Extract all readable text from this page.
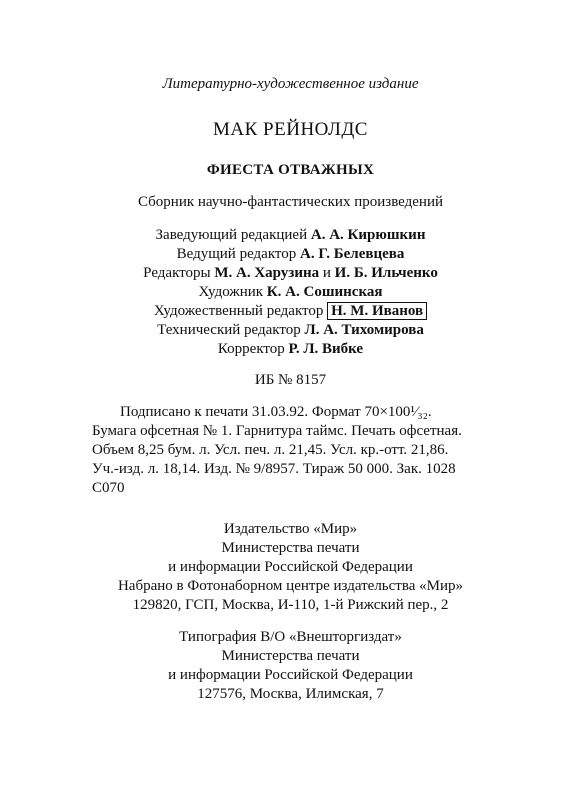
Литературно-художественное издание
МАК РЕЙНОЛДС
ФИЕСТА ОТВАЖНЫХ
Сборник научно-фантастических произведений
Заведующий редакцией А. А. Кирюшкин
Ведущий редактор А. Г. Белевцева
Редакторы М. А. Харузина и И. Б. Ильченко
Художник К. А. Сошинская
Художественный редактор Н. М. Иванов
Технический редактор Л. А. Тихомирова
Корректор Р. Л. Вибке
ИБ № 8157
Подписано к печати 31.03.92. Формат 70×100¹⁄₃₂.
Бумага офсетная № 1. Гарнитура таймс. Печать офсетная.
Объем 8,25 бум. л. Усл. печ. л. 21,45. Усл. кр.-отт. 21,86.
Уч.-изд. л. 18,14. Изд. № 9/8957. Тираж 50 000. Зак. 1028
С070
Издательство «Мир»
Министерства печати
и информации Российской Федерации
Набрано в Фотонаборном центре издательства «Мир»
129820, ГСП, Москва, И-110, 1-й Рижский пер., 2
Типография В/О «Внешторгиздат»
Министерства печати
и информации Российской Федерации
127576, Москва, Илимская, 7
